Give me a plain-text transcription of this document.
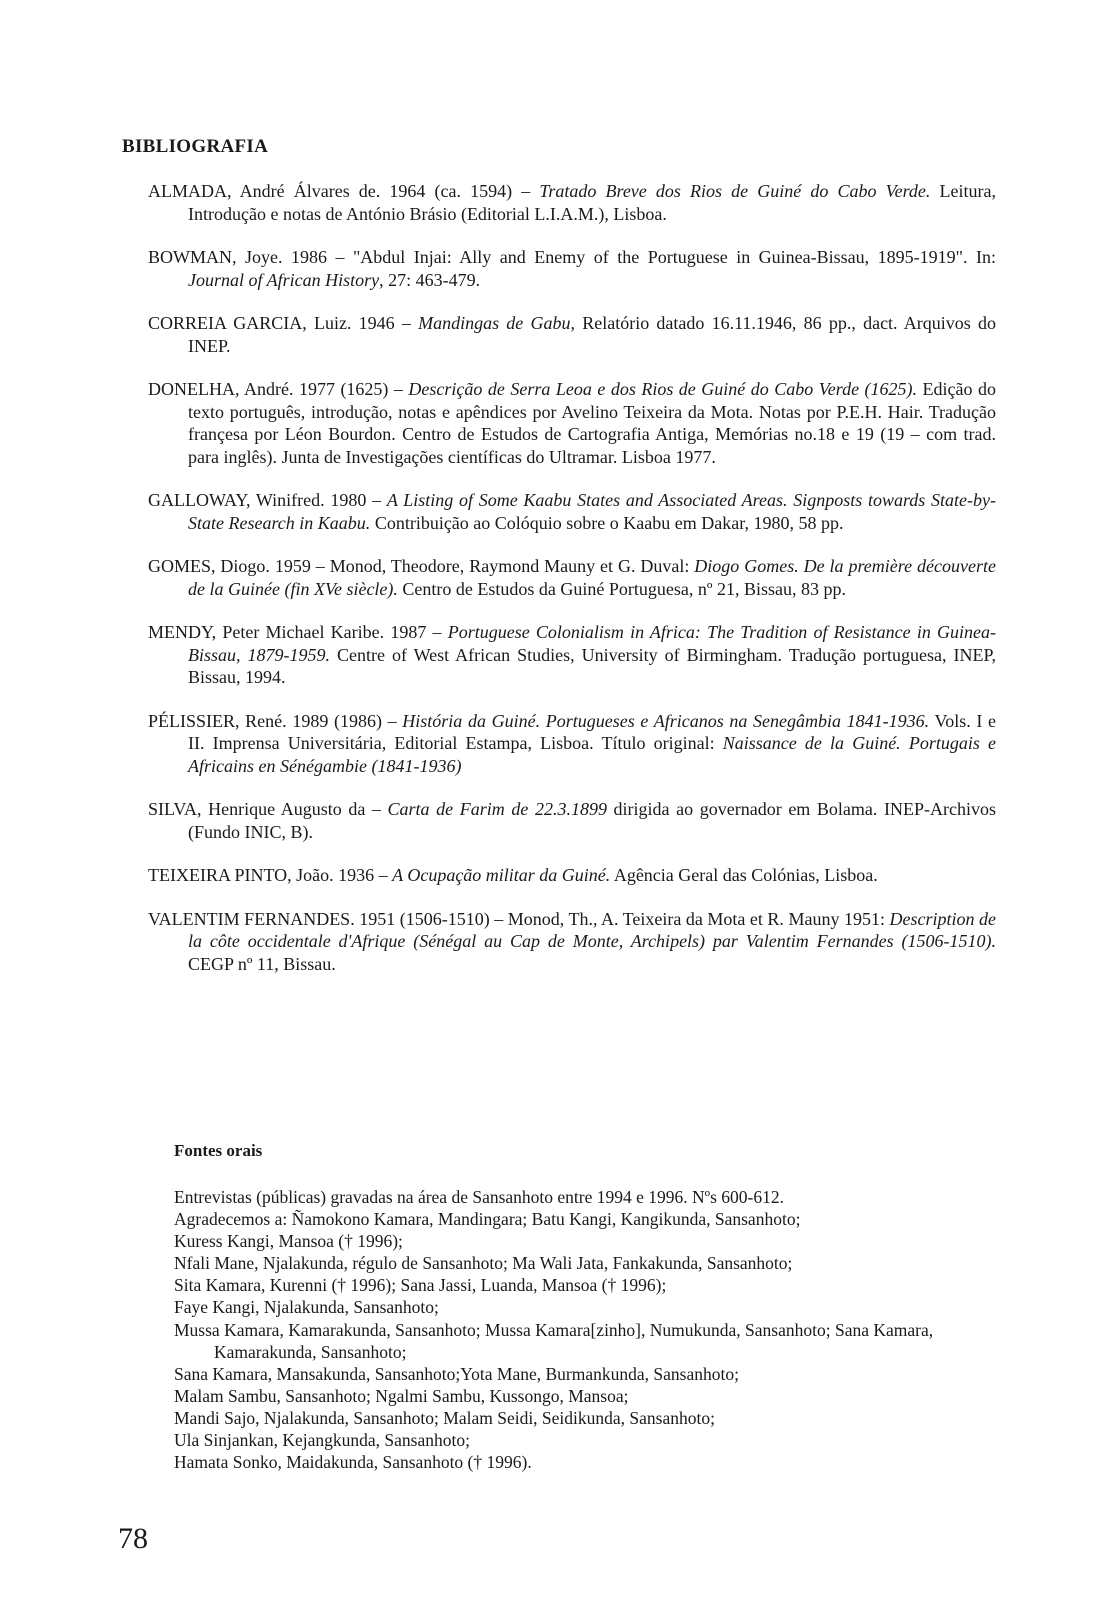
BIBLIOGRAFIA

ALMADA, André Álvares de. 1964 (ca. 1594) – Tratado Breve dos Rios de Guiné do Cabo Verde. Leitura, Introdução e notas de António Brásio (Editorial L.I.A.M.), Lisboa.

BOWMAN, Joye. 1986 – "Abdul Injai: Ally and Enemy of the Portuguese in Guinea-Bissau, 1895-1919". In: Journal of African History, 27: 463-479.

CORREIA GARCIA, Luiz. 1946 – Mandingas de Gabu, Relatório datado 16.11.1946, 86 pp., dact. Arquivos do INEP.

DONELHA, André. 1977 (1625) – Descrição de Serra Leoa e dos Rios de Guiné do Cabo Verde (1625). Edição do texto português, introdução, notas e apêndices por Avelino Teixeira da Mota. Notas por P.E.H. Hair. Tradução françesa por Léon Bourdon. Centro de Estudos de Cartografia Antiga, Memórias no.18 e 19 (19 – com trad. para inglês). Junta de Investigações científicas do Ultramar. Lisboa 1977.

GALLOWAY, Winifred. 1980 – A Listing of Some Kaabu States and Associated Areas. Signposts towards State-by-State Research in Kaabu. Contribuição ao Colóquio sobre o Kaabu em Dakar, 1980, 58 pp.

GOMES, Diogo. 1959 – Monod, Theodore, Raymond Mauny et G. Duval: Diogo Gomes. De la première découverte de la Guinée (fin XVe siècle). Centro de Estudos da Guiné Portuguesa, nº 21, Bissau, 83 pp.

MENDY, Peter Michael Karibe. 1987 – Portuguese Colonialism in Africa: The Tradition of Resistance in Guinea-Bissau, 1879-1959. Centre of West African Studies, University of Birmingham. Tradução portuguesa, INEP, Bissau, 1994.

PÉLISSIER, René. 1989 (1986) – História da Guiné. Portugueses e Africanos na Senegâmbia 1841-1936. Vols. I e II. Imprensa Universitária, Editorial Estampa, Lisboa. Título original: Naissance de la Guiné. Portugais e Africains en Sénégambie (1841-1936)

SILVA, Henrique Augusto da – Carta de Farim de 22.3.1899 dirigida ao governador em Bolama. INEP-Archivos (Fundo INIC, B).

TEIXEIRA PINTO, João. 1936 – A Ocupação militar da Guiné. Agência Geral das Colónias, Lisboa.

VALENTIM FERNANDES. 1951 (1506-1510) – Monod, Th., A. Teixeira da Mota et R. Mauny 1951: Description de la côte occidentale d'Afrique (Sénégal au Cap de Monte, Archipels) par Valentim Fernandes (1506-1510). CEGP nº 11, Bissau.

Fontes orais

Entrevistas (públicas) gravadas na área de Sansanhoto entre 1994 e 1996. Nºs 600-612.

Agradecemos a: Ñamokono Kamara, Mandingara; Batu Kangi, Kangikunda, Sansanhoto;

Kuress Kangi, Mansoa († 1996);

Nfali Mane, Njalakunda, régulo de Sansanhoto; Ma Wali Jata, Fankakunda, Sansanhoto;

Sita Kamara, Kurenni († 1996); Sana Jassi, Luanda, Mansoa († 1996);

Faye Kangi, Njalakunda, Sansanhoto;

Mussa Kamara, Kamarakunda, Sansanhoto; Mussa Kamara[zinho], Numukunda, Sansanhoto; Sana Kamara, Kamarakunda, Sansanhoto;

Sana Kamara, Mansakunda, Sansanhoto;Yota Mane, Burmankunda, Sansanhoto;

Malam Sambu, Sansanhoto; Ngalmi Sambu, Kussongo, Mansoa;

Mandi Sajo, Njalakunda, Sansanhoto; Malam Seidi, Seidikunda, Sansanhoto;

Ula Sinjankan, Kejangkunda, Sansanhoto;

Hamata Sonko, Maidakunda, Sansanhoto († 1996).

78
